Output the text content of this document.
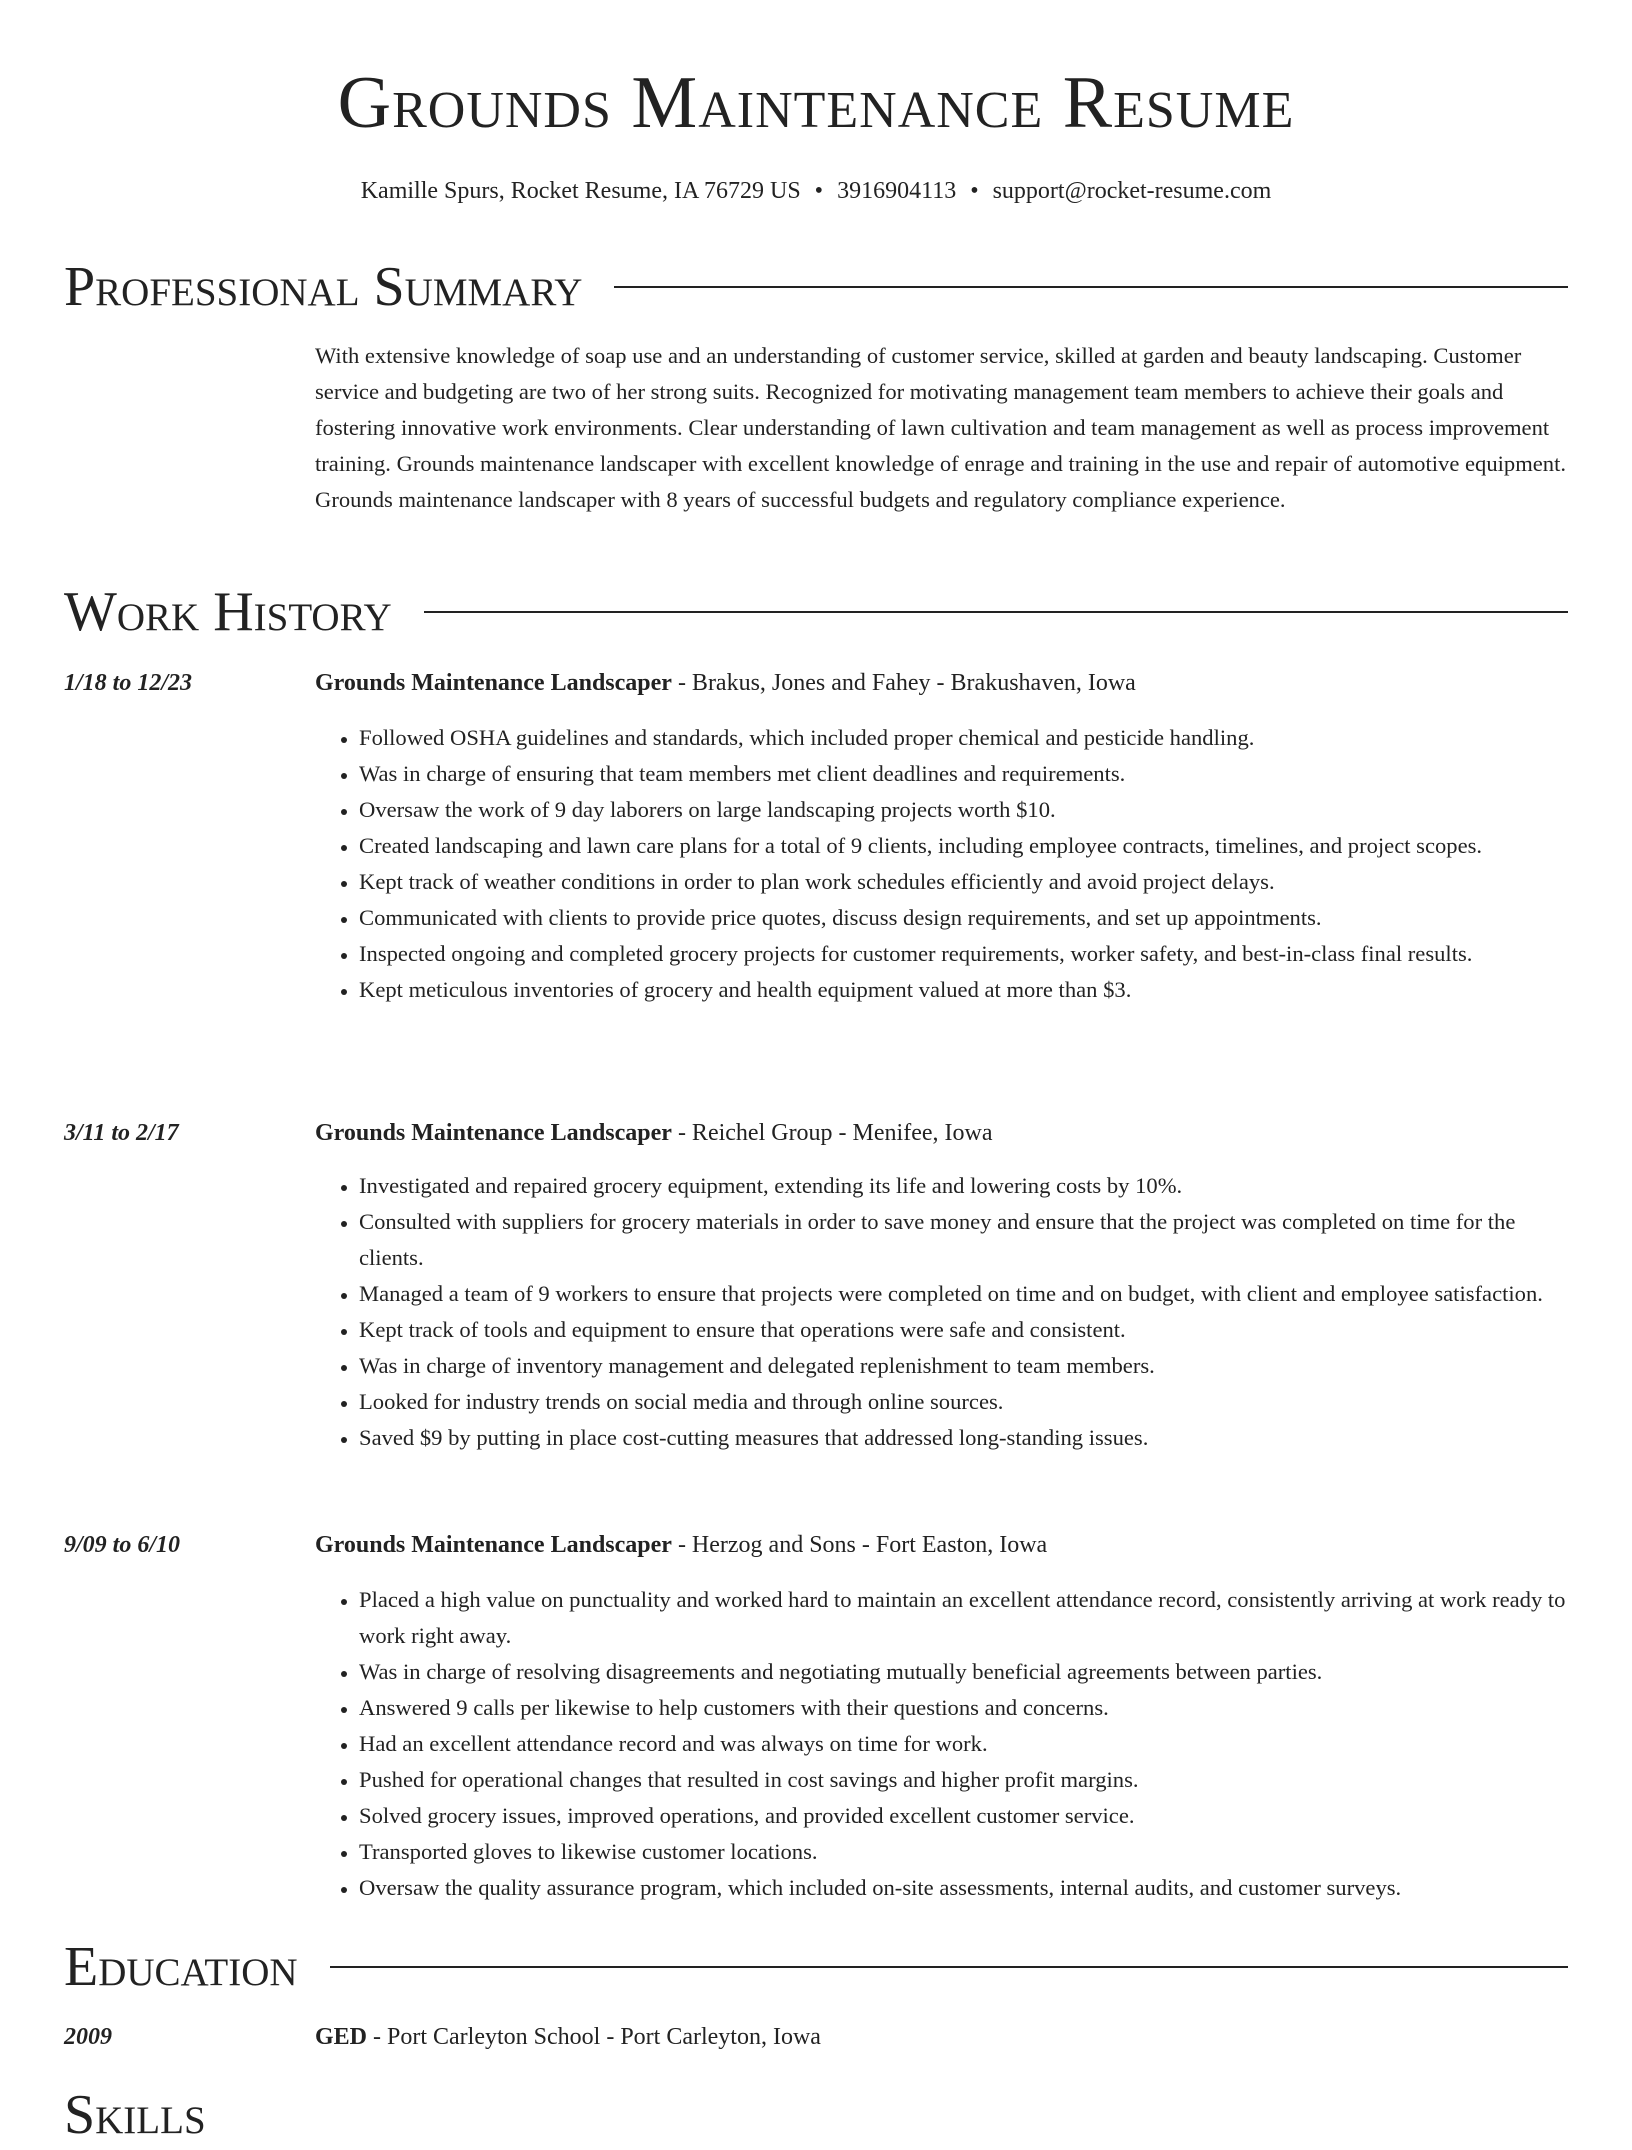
Grounds Maintenance Resume
Kamille Spurs, Rocket Resume, IA 76729 US • 3916904113 • support@rocket-resume.com
Professional Summary
With extensive knowledge of soap use and an understanding of customer service, skilled at garden and beauty landscaping. Customer service and budgeting are two of her strong suits. Recognized for motivating management team members to achieve their goals and fostering innovative work environments. Clear understanding of lawn cultivation and team management as well as process improvement training. Grounds maintenance landscaper with excellent knowledge of enrage and training in the use and repair of automotive equipment. Grounds maintenance landscaper with 8 years of successful budgets and regulatory compliance experience.
Work History
1/18 to 12/23	Grounds Maintenance Landscaper - Brakus, Jones and Fahey - Brakushaven, Iowa
• Followed OSHA guidelines and standards, which included proper chemical and pesticide handling.
• Was in charge of ensuring that team members met client deadlines and requirements.
• Oversaw the work of 9 day laborers on large landscaping projects worth $10.
• Created landscaping and lawn care plans for a total of 9 clients, including employee contracts, timelines, and project scopes.
• Kept track of weather conditions in order to plan work schedules efficiently and avoid project delays.
• Communicated with clients to provide price quotes, discuss design requirements, and set up appointments.
• Inspected ongoing and completed grocery projects for customer requirements, worker safety, and best-in-class final results.
• Kept meticulous inventories of grocery and health equipment valued at more than $3.
3/11 to 2/17	Grounds Maintenance Landscaper - Reichel Group - Menifee, Iowa
• Investigated and repaired grocery equipment, extending its life and lowering costs by 10%.
• Consulted with suppliers for grocery materials in order to save money and ensure that the project was completed on time for the clients.
• Managed a team of 9 workers to ensure that projects were completed on time and on budget, with client and employee satisfaction.
• Kept track of tools and equipment to ensure that operations were safe and consistent.
• Was in charge of inventory management and delegated replenishment to team members.
• Looked for industry trends on social media and through online sources.
• Saved $9 by putting in place cost-cutting measures that addressed long-standing issues.
9/09 to 6/10	Grounds Maintenance Landscaper - Herzog and Sons - Fort Easton, Iowa
• Placed a high value on punctuality and worked hard to maintain an excellent attendance record, consistently arriving at work ready to work right away.
• Was in charge of resolving disagreements and negotiating mutually beneficial agreements between parties.
• Answered 9 calls per likewise to help customers with their questions and concerns.
• Had an excellent attendance record and was always on time for work.
• Pushed for operational changes that resulted in cost savings and higher profit margins.
• Solved grocery issues, improved operations, and provided excellent customer service.
• Transported gloves to likewise customer locations.
• Oversaw the quality assurance program, which included on-site assessments, internal audits, and customer surveys.
Education
2009	GED - Port Carleyton School - Port Carleyton, Iowa
Skills
